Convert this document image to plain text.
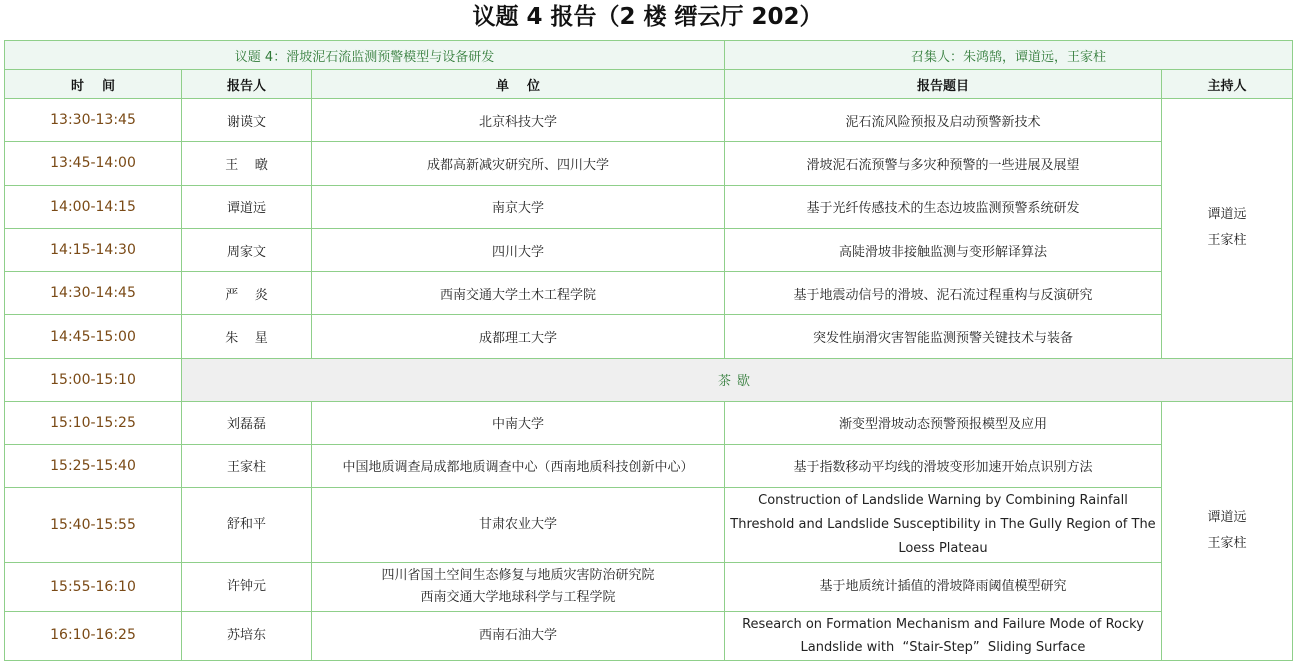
议题 4 报告（2 楼 缙云厅 202）
议题 4：滑坡泥石流监测预警模型与设备研发			召集人：朱鸿鹄，谭道远，王家柱	
时    间	报告人	单    位	报告题目	主持人
13:30-13:45	谢谟文	北京科技大学	泥石流风险预报及启动预警新技术	谭道远
王家柱

13:45-14:00	王    暾	成都高新减灾研究所、四川大学	滑坡泥石流预警与多灾种预警的一些进展及展望	
14:00-14:15	谭道远	南京大学	基于光纤传感技术的生态边坡监测预警系统研发	
14:15-14:30	周家文	四川大学	高陡滑坡非接触监测与变形解译算法	
14:30-14:45	严    炎	西南交通大学土木工程学院	基于地震动信号的滑坡、泥石流过程重构与反演研究	
14:45-15:00	朱    星	成都理工大学	突发性崩滑灾害智能监测预警关键技术与装备	
15:00-15:10	茶歇			
15:10-15:25	刘磊磊	中南大学	渐变型滑坡动态预警预报模型及应用	谭道远
王家柱

15:25-15:40	王家柱	中国地质调查局成都地质调查中心（西南地质科技创新中心）	基于指数移动平均线的滑坡变形加速开始点识别方法	
15:40-15:55	舒和平	甘肃农业大学	Construction of Landslide Warning by Combining Rainfall
Threshold and Landslide Susceptibility in The Gully Region of The
Loess Plateau	

15:55-16:10	许钟元	四川省国土空间生态修复与地质灾害防治研究院
西南交通大学地球科学与工程学院	基于地质统计插值的滑坡降雨阈值模型研究	
16:10-16:25	苏培东	西南石油大学	Research on Formation Mechanism and Failure Mode of Rocky
Landslide with  “Stair-Step”  Sliding Surface	
